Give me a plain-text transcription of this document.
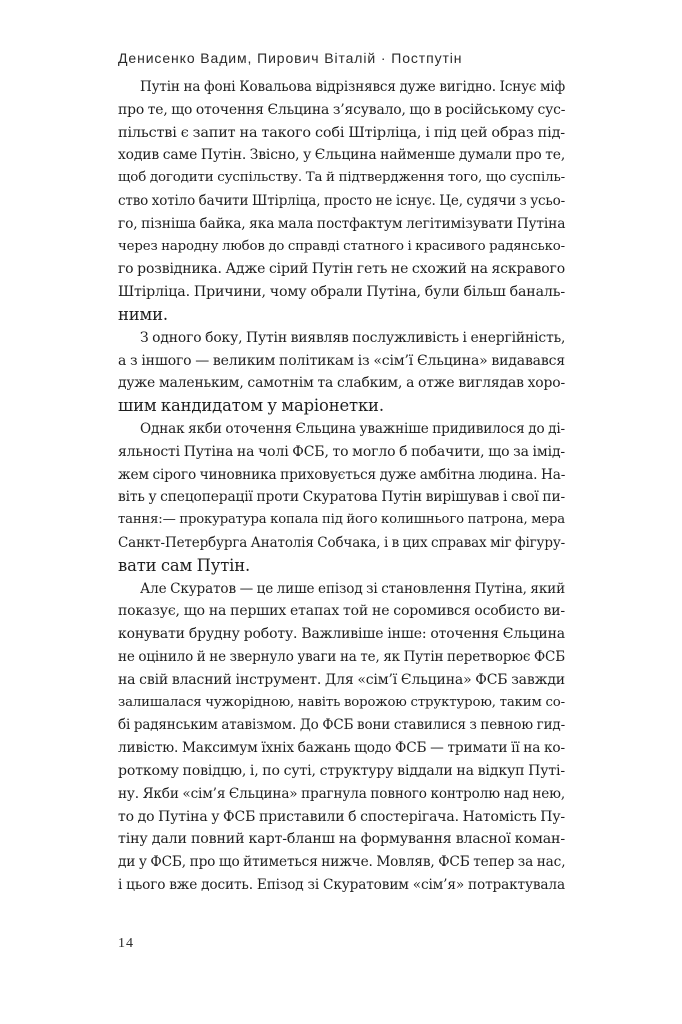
Денисенко Вадим, Пирович Віталій · Постпутін
Путін на фоні Ковальова відрізнявся дуже вигідно. Існує міф
про те, що оточення Єльцина з’ясувало, що в російському сус-
пільстві є запит на такого собі Штірліца, і під цей образ під-
ходив саме Путін. Звісно, у Єльцина найменше думали про те,
щоб догодити суспільству. Та й підтвердження того, що суспіль-
ство хотіло бачити Штірліца, просто не існує. Це, судячи з усьо-
го, пізніша байка, яка мала постфактум легітимізувати Путіна
через народну любов до справді статного і красивого радянсько-
го розвідника. Адже сірий Путін геть не схожий на яскравого
Штірліца. Причини, чому обрали Путіна, були більш баналь-
ними.
З одного боку, Путін виявляв послужливість і енергійність,
а з іншого — великим політикам із «сім’ї Єльцина» видавався
дуже маленьким, самотнім та слабким, а отже виглядав хоро-
шим кандидатом у маріонетки.
Однак якби оточення Єльцина уважніше придивилося до ді-
яльності Путіна на чолі ФСБ, то могло б побачити, що за імід-
жем сірого чиновника приховується дуже амбітна людина. На-
віть у спецоперації проти Скуратова Путін вирішував і свої пи-
тання:— прокуратура копала під його колишнього патрона, мера
Санкт-Петербурга Анатолія Собчака, і в цих справах міг фігуру-
вати сам Путін.
Але Скуратов — це лише епізод зі становлення Путіна, який
показує, що на перших етапах той не соромився особисто ви-
конувати брудну роботу. Важливіше інше: оточення Єльцина
не оцінило й не звернуло уваги на те, як Путін перетворює ФСБ
на свій власний інструмент. Для «сім’ї Єльцина» ФСБ завжди
залишалася чужорідною, навіть ворожою структурою, таким со-
бі радянським атавізмом. До ФСБ вони ставилися з певною гид-
ливістю. Максимум їхніх бажань щодо ФСБ — тримати її на ко-
роткому повідцю, і, по суті, структуру віддали на відкуп Путі-
ну. Якби «сім’я Єльцина» прагнула повного контролю над нею,
то до Путіна у ФСБ приставили б спостерігача. Натомість Пу-
тіну дали повний карт-бланш на формування власної коман-
ди у ФСБ, про що йтиметься нижче. Мовляв, ФСБ тепер за нас,
і цього вже досить. Епізод зі Скуратовим «сім’я» потрактувала
14
